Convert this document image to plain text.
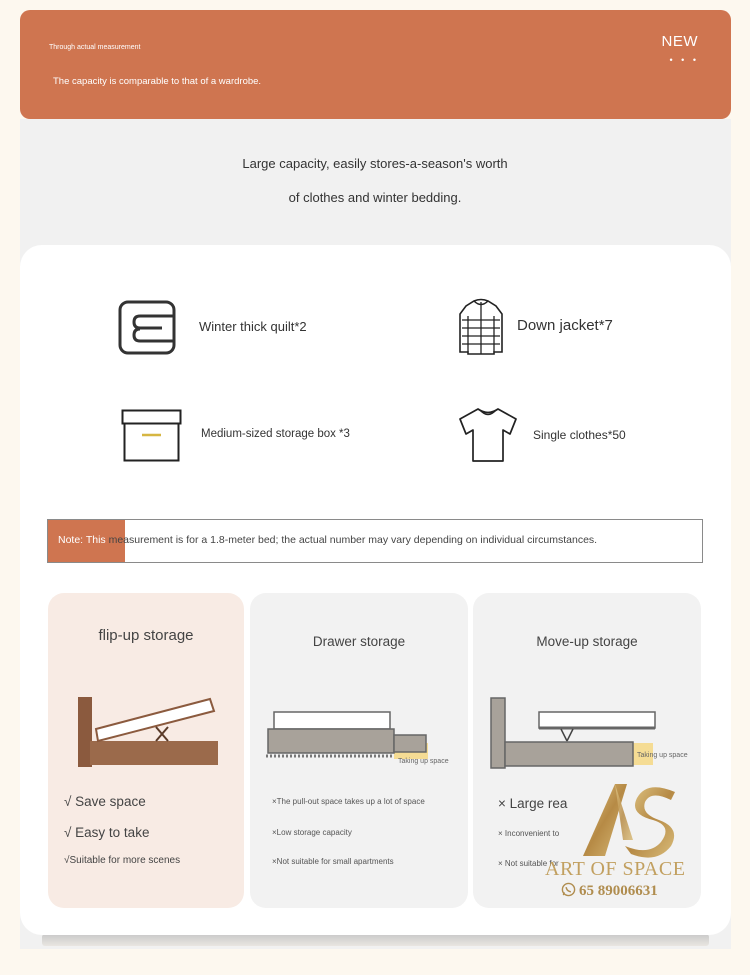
Through actual measurement
The capacity is comparable to that of a wardrobe.
NEW
• • •
Large capacity, easily stores-a-season's worth
of clothes and winter bedding.
Winter thick quilt*2	Down jacket*7
Medium-sized storage box *3	Single clothes*50
Note: This measurement is for a 1.8-meter bed; the actual number may vary depending on individual circumstances.
flip-up storage
√ Save space
√ Easy to take
√Suitable for more scenes
Drawer storage
Taking up space
×The pull-out space takes up a lot of space
×Low storage capacity
×Not suitable for small apartments
Move-up storage
Taking up space
× Large rea
× Inconvenient to
× Not suitable for
ART OF SPACE
65 89006631
